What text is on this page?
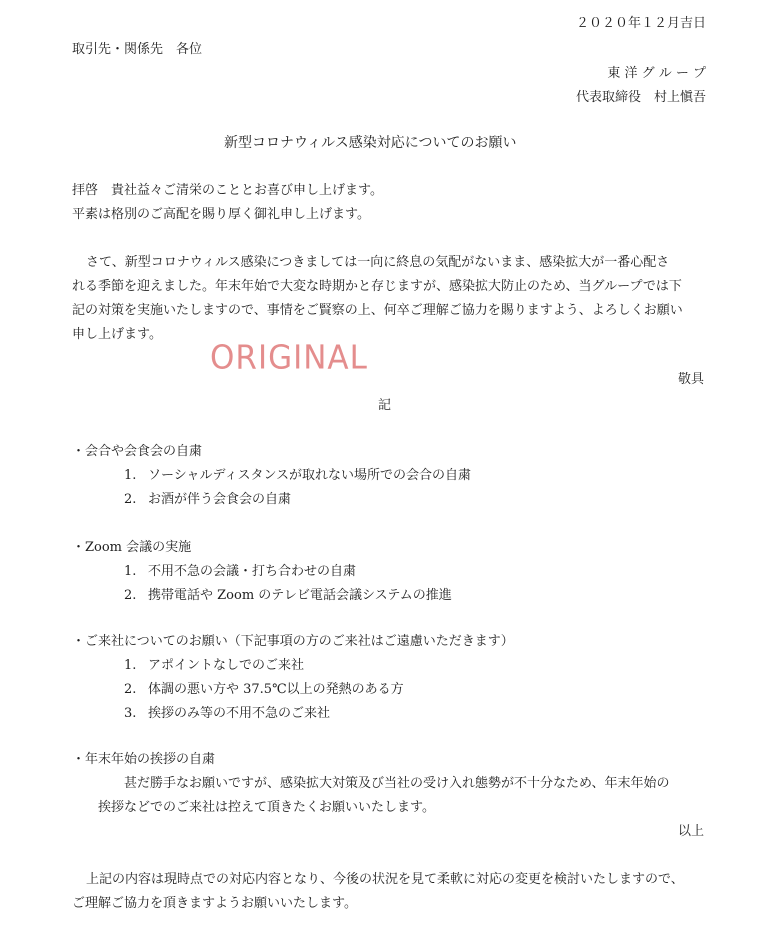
２０２０年１２月吉日
取引先・関係先　各位
東 洋 グ ル ー プ
代表取締役　村上愼吾
新型コロナウィルス感染対応についてのお願い
拝啓　貴社益々ご清栄のこととお喜び申し上げます。
平素は格別のご高配を賜り厚く御礼申し上げます。
さて、新型コロナウィルス感染につきましては一向に終息の気配がないまま、感染拡大が一番心配さ
れる季節を迎えました。年末年始で大変な時期かと存じますが、感染拡大防止のため、当グループでは下
記の対策を実施いたしますので、事情をご賢察の上、何卒ご理解ご協力を賜りますよう、よろしくお願い
申し上げます。
ORIGINAL
敬具
記
・会合や会食会の自粛
1. ソーシャルディスタンスが取れない場所での会合の自粛
2. お酒が伴う会食会の自粛
・Zoom 会議の実施
1. 不用不急の会議・打ち合わせの自粛
2. 携帯電話や Zoom のテレビ電話会議システムの推進
・ご来社についてのお願い（下記事項の方のご来社はご遠慮いただきます）
1. アポイントなしでのご来社
2. 体調の悪い方や 37.5℃以上の発熱のある方
3. 挨拶のみ等の不用不急のご来社
・年末年始の挨拶の自粛
甚だ勝手なお願いですが、感染拡大対策及び当社の受け入れ態勢が不十分なため、年末年始の
挨拶などでのご来社は控えて頂きたくお願いいたします。
以上
上記の内容は現時点での対応内容となり、今後の状況を見て柔軟に対応の変更を検討いたしますので、
ご理解ご協力を頂きますようお願いいたします。
